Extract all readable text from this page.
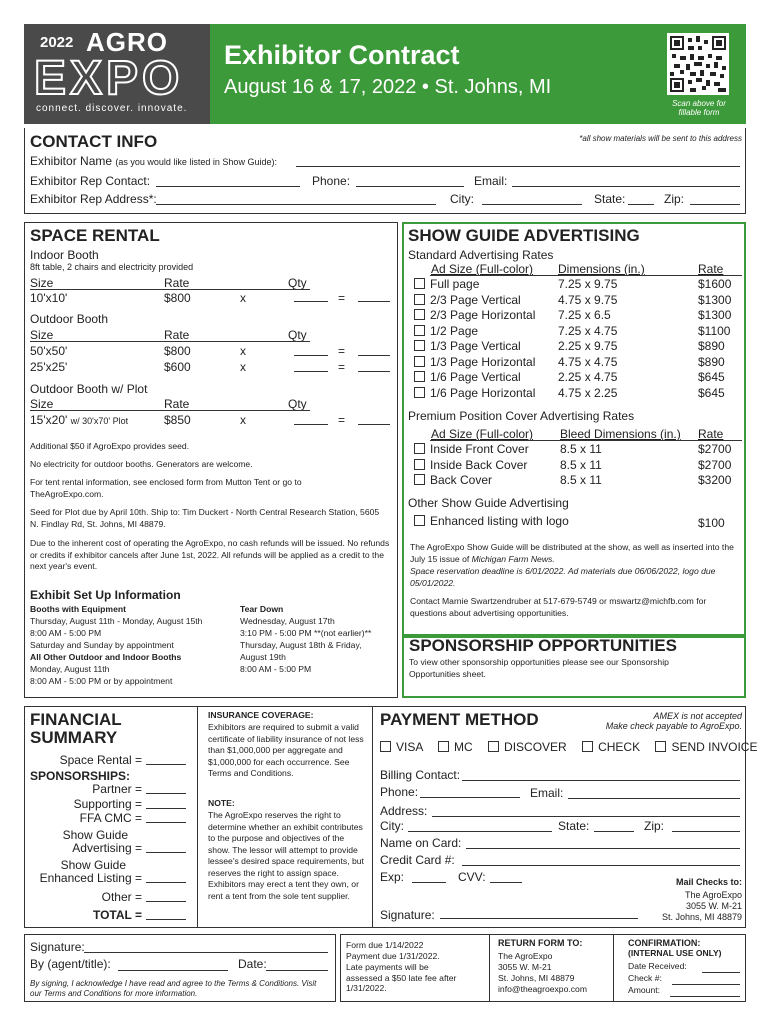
2022 AGRO
EXPO
connect. discover. innovate.
Exhibitor Contract
August 16 & 17, 2022 • St. Johns, MI
Scan above for fillable form
CONTACT INFO	*all show materials will be sent to this address
Exhibitor Name (as you would like listed in Show Guide):
Exhibitor Rep Contact:	Phone:	Email:
Exhibitor Rep Address*:	City:	State:	Zip:
SPACE RENTAL
Indoor Booth
8ft table, 2 chairs and electricity provided
Size	Rate	Qty
10'x10'	$800	x	=
Outdoor Booth
Size	Rate	Qty
50'x50'	$800	x	=
25'x25'	$600	x	=
Outdoor Booth w/ Plot
Size	Rate	Qty
15'x20' w/ 30'x70' Plot	$850	x	=
Additional $50 if AgroExpo provides seed.
No electricity for outdoor booths. Generators are welcome.
For tent rental information, see enclosed form from Mutton Tent or go to TheAgroExpo.com.
Seed for Plot due by April 10th. Ship to: Tim Duckert - North Central Research Station, 5605 N. Findlay Rd, St. Johns, MI 48879.
Due to the inherent cost of operating the AgroExpo, no cash refunds will be issued. No refunds or credits if exhibitor cancels after June 1st, 2022. All refunds will be applied as a credit to the next year's event.
Exhibit Set Up Information
Booths with Equipment
Thursday, August 11th - Monday, August 15th
8:00 AM - 5:00 PM
Saturday and Sunday by appointment
All Other Outdoor and Indoor Booths
Monday, August 11th
8:00 AM - 5:00 PM or by appointment
Tear Down
Wednesday, August 17th
3:10 PM - 5:00 PM **(not earlier)**
Thursday, August 18th & Friday,
August 19th
8:00 AM - 5:00 PM
SHOW GUIDE ADVERTISING
Standard Advertising Rates
Ad Size (Full-color) Dimensions (in.)	Rate
Full page	7.25 x 9.75	$1600
2/3 Page Vertical	4.75 x 9.75	$1300
2/3 Page Horizontal 7.25 x 6.5	$1300
1/2 Page	7.25 x 4.75	$1100
1/3 Page Vertical	2.25 x 9.75	$890
1/3 Page Horizontal 4.75 x 4.75	$890
1/6 Page Vertical	2.25 x 4.75	$645
1/6 Page Horizontal 4.75 x 2.25	$645
Premium Position Cover Advertising Rates
Ad Size (Full-color) Bleed Dimensions (in.) Rate
Inside Front Cover	8.5 x 11	$2700
Inside Back Cover	8.5 x 11	$2700
Back Cover	8.5 x 11	$3200
Other Show Guide Advertising
Enhanced listing with logo	$100
The AgroExpo Show Guide will be distributed at the show, as well as inserted into the July 15 issue of Michigan Farm News.
Space reservation deadline is 6/01/2022. Ad materials due 06/06/2022, logo due 05/01/2022.
Contact Marnie Swartzendruber at 517-679-5749 or mswartz@michfb.com for questions about advertising opportunities.
SPONSORSHIP OPPORTUNITIES
To view other sponsorship opportunities please see our Sponsorship Opportunities sheet.
FINANCIAL
SUMMARY
Space Rental =
SPONSORSHIPS:
Partner =
Supporting =
FFA CMC =
Show Guide
Advertising =
Show Guide
Enhanced Listing =
Other =
TOTAL =
INSURANCE COVERAGE:
Exhibitors are required to submit a valid certificate of liability insurance of not less than $1,000,000 per aggregate and $1,000,000 for each occurrence. See Terms and Conditions.
NOTE:
The AgroExpo reserves the right to determine whether an exhibit contributes to the purpose and objectives of the show. The lessor will attempt to provide lessee's desired space requirements, but reserves the right to assign space. Exhibitors may erect a tent they own, or rent a tent from the sole tent supplier.
PAYMENT METHOD	AMEX is not accepted
Make check payable to AgroExpo.
VISA	MC	DISCOVER	CHECK	SEND INVOICE
Billing Contact:
Phone:	Email:
Address:
City:	State:	Zip:
Name on Card:
Credit Card #:
Exp:	CVV:	Mail Checks to:
The AgroExpo
3055 W. M-21
St. Johns, MI 48879
Signature:
Signature:
By (agent/title):	Date:
By signing, I acknowledge I have read and agree to the Terms & Conditions. Visit our Terms and Conditions for more information.
Form due 1/14/2022
Payment due 1/31/2022.
Late payments will be assessed a $50 late fee after 1/31/2022.
RETURN FORM TO:
The AgroExpo
3055 W. M-21
St. Johns, MI 48879
info@theagroexpo.com
CONFIRMATION:
(INTERNAL USE ONLY)
Date Received:
Check #:
Amount:
